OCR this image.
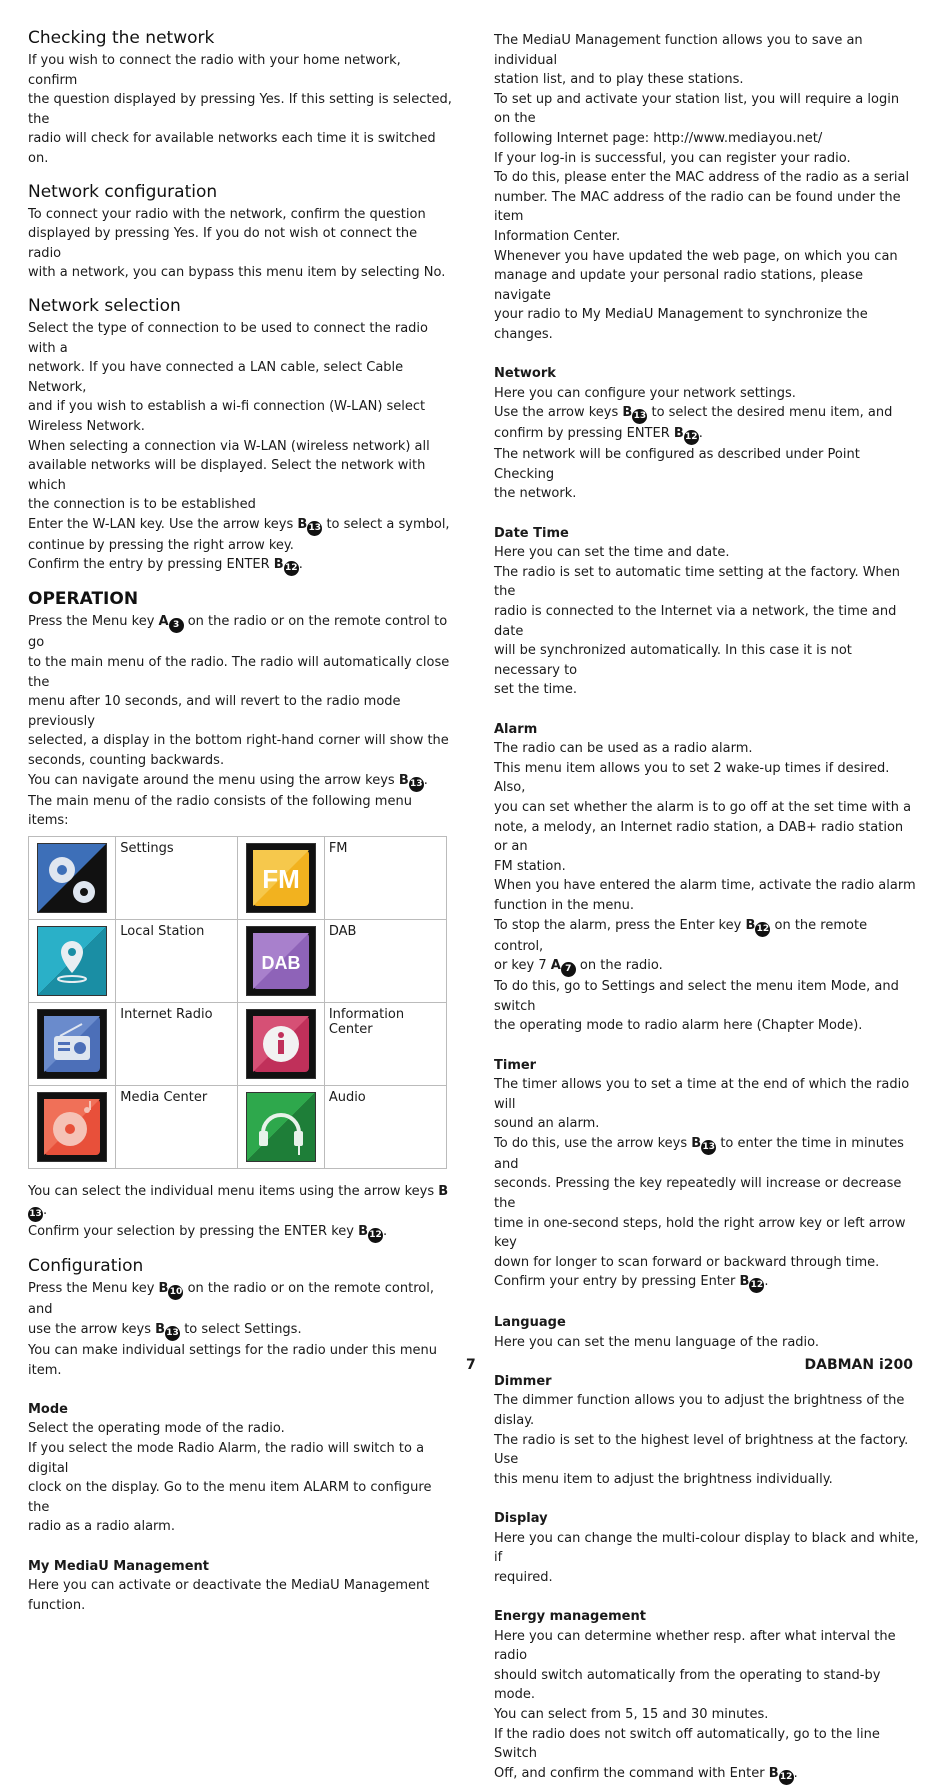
Checking the network

If you wish to connect the radio with your home network, confirm

the question displayed by pressing Yes. If this setting is selected, the

radio will check for available networks each time it is switched on.

Network configuration

To connect your radio with the network, confirm the question

displayed by pressing Yes. If you do not wish ot connect the radio

with a network, you can bypass this menu item by selecting No.

Network selection

Select the type of connection to be used to connect the radio with a

network. If you have connected a LAN cable, select Cable Network,

and if you wish to establish a wi-fi connection (W-LAN) select

Wireless Network.

When selecting a connection via W-LAN (wireless network) all

available networks will be displayed. Select the network with which

the connection is to be established

Enter the W-LAN key. Use the arrow keys B13 to select a symbol,

continue by pressing the right arrow key.

Confirm the entry by pressing ENTER B12.

OPERATION

Press the Menu key A 3 on the radio or on the remote control to go

to the main menu of the radio. The radio will automatically close the

menu after 10 seconds, and will revert to the radio mode previously

selected, a display in the bottom right-hand corner will show the

seconds, counting backwards.

You can navigate around the menu using the arrow keys B13.

The main menu of the radio consists of the following menu items:

	Settings	FM	FM

	Local Station	DAB	DAB

	Internet Radio		Information Center

	Media Center		Audio

You can select the individual menu items using the arrow keys B13.

Confirm your selection by pressing the ENTER key B12.

Configuration

Press the Menu key B10 on the radio or on the remote control, and

use the arrow keys B13 to select Settings.

You can make individual settings for the radio under this menu item.

Mode

Select the operating mode of the radio.

If you select the mode Radio Alarm, the radio will switch to a digital

clock on the display. Go to the menu item ALARM to configure the

radio as a radio alarm.

My MediaU Management

Here you can activate or deactivate the MediaU Management

function.

The MediaU Management function allows you to save an individual

station list, and to play these stations.

To set up and activate your station list, you will require a login on the

following Internet page: http://www.mediayou.net/

If your log-in is successful, you can register your radio.

To do this, please enter the MAC address of the radio as a serial

number. The MAC address of the radio can be found under the item

Information Center.

Whenever you have updated the web page, on which you can

manage and update your personal radio stations, please navigate

your radio to My MediaU Management to synchronize the changes.

Network

Here you can configure your network settings.

Use the arrow keys B13 to select the desired menu item, and

confirm by pressing ENTER B12.

The network will be configured as described under Point Checking

the network.

Date Time

Here you can set the time and date.

The radio is set to automatic time setting at the factory. When the

radio is connected to the Internet via a network, the time and date

will be synchronized automatically. In this case it is not necessary to

set the time.

Alarm

The radio can be used as a radio alarm.

This menu item allows you to set 2 wake-up times if desired. Also,

you can set whether the alarm is to go off at the set time with a

note, a melody, an Internet radio station, a DAB+ radio station or an

FM station.

When you have entered the alarm time, activate the radio alarm

function in the menu.

To stop the alarm, press the Enter key B12 on the remote control,

or key 7 A 7 on the radio.

To do this, go to Settings and select the menu item Mode, and switch

the operating mode to radio alarm here (Chapter Mode).

Timer

The timer allows you to set a time at the end of which the radio will

sound an alarm.

To do this, use the arrow keys B13 to enter the time in minutes and

seconds. Pressing the key repeatedly will increase or decrease the

time in one-second steps, hold the right arrow key or left arrow key

down for longer to scan forward or backward through time.

Confirm your entry by pressing Enter B12.

Language

Here you can set the menu language of the radio.

Dimmer

The dimmer function allows you to adjust the brightness of the dislay.

The radio is set to the highest level of brightness at the factory. Use

this menu item to adjust the brightness individually.

Display

Here you can change the multi-colour display to black and white, if

required.

Energy management

Here you can determine whether resp. after what interval the radio

should switch automatically from the operating to stand-by mode.

You can select from 5, 15 and 30 minutes.

If the radio does not switch off automatically, go to the line Switch

Off, and confirm the command with Enter B12.

7	DABMAN i200
